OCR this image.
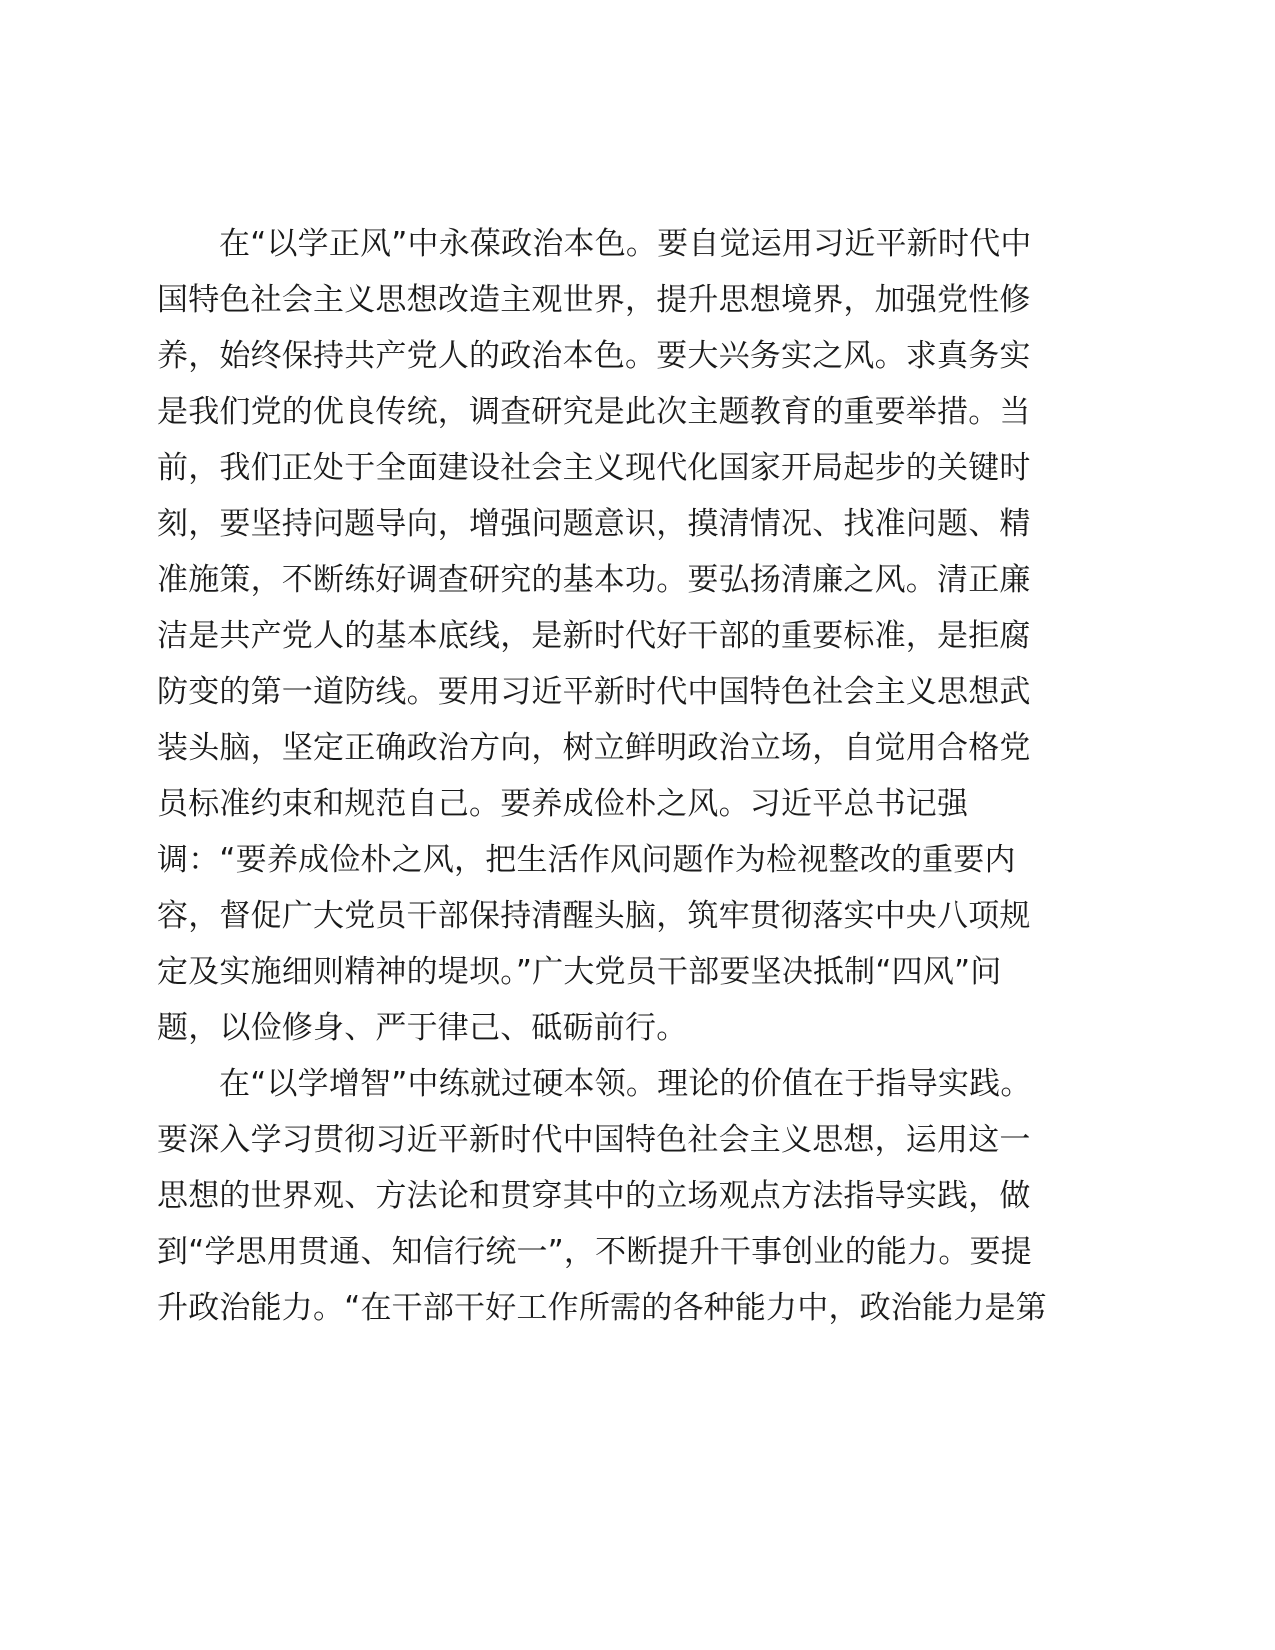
在“以学正风”中永葆政治本色。要自觉运用习近平新时代中
国特色社会主义思想改造主观世界，提升思想境界，加强党性修
养，始终保持共产党人的政治本色。要大兴务实之风。求真务实
是我们党的优良传统，调查研究是此次主题教育的重要举措。当
前，我们正处于全面建设社会主义现代化国家开局起步的关键时
刻，要坚持问题导向，增强问题意识，摸清情况、找准问题、精
准施策，不断练好调查研究的基本功。要弘扬清廉之风。清正廉
洁是共产党人的基本底线，是新时代好干部的重要标准，是拒腐
防变的第一道防线。要用习近平新时代中国特色社会主义思想武
装头脑，坚定正确政治方向，树立鲜明政治立场，自觉用合格党
员标准约束和规范自己。要养成俭朴之风。习近平总书记强
调：“要养成俭朴之风，把生活作风问题作为检视整改的重要内
容，督促广大党员干部保持清醒头脑，筑牢贯彻落实中央八项规
定及实施细则精神的堤坝。”广大党员干部要坚决抵制“四风”问
题，以俭修身、严于律己、砥砺前行。
在“以学增智”中练就过硬本领。理论的价值在于指导实践。
要深入学习贯彻习近平新时代中国特色社会主义思想，运用这一
思想的世界观、方法论和贯穿其中的立场观点方法指导实践，做
到“学思用贯通、知信行统一”，不断提升干事创业的能力。要提
升政治能力。“在干部干好工作所需的各种能力中，政治能力是第
